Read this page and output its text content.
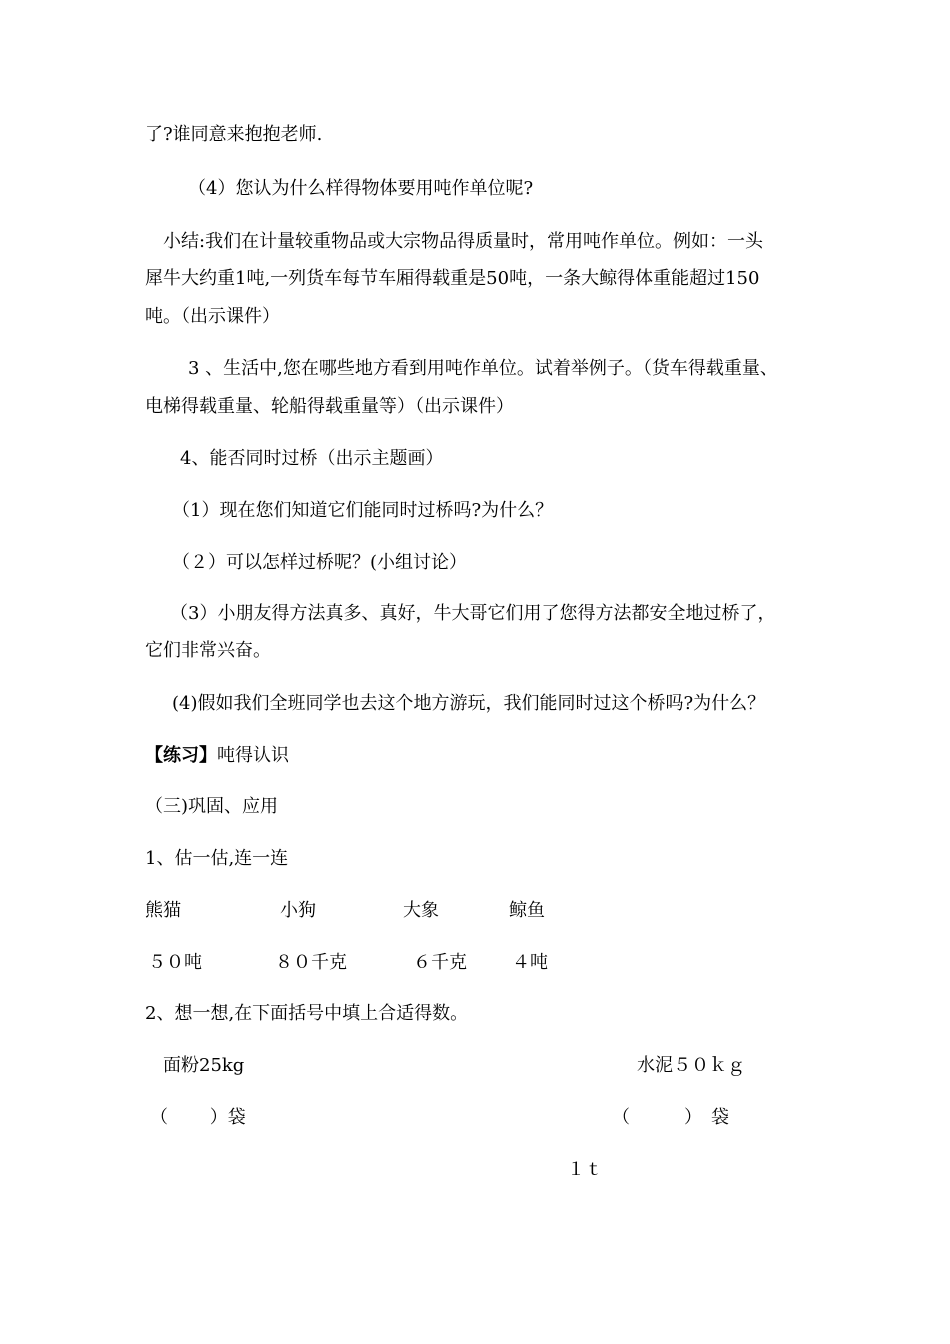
了?谁同意来抱抱老师.
（4）您认为什么样得物体要用吨作单位呢?
小结:我们在计量较重物品或大宗物品得质量时，常用吨作单位。例如：一头
犀牛大约重1吨,一列货车每节车厢得载重是50吨，一条大鲸得体重能超过150
吨。（出示课件）
3 、生活中,您在哪些地方看到用吨作单位。试着举例子。（货车得载重量、
电梯得载重量、轮船得载重量等）（出示课件）
4、能否同时过桥（出示主题画）
（1）现在您们知道它们能同时过桥吗?为什么？
（２）可以怎样过桥呢？(小组讨论）
（3）小朋友得方法真多、真好，牛大哥它们用了您得方法都安全地过桥了，
它们非常兴奋。
(4)假如我们全班同学也去这个地方游玩，我们能同时过这个桥吗?为什么？
【练习】吨得认识
（三)巩固、应用
1、估一估,连一连
熊猫	小狗	大象	鲸鱼
５０吨	８０千克	６千克	４吨
2、想一想,在下面括号中填上合适得数。
面粉25kg	水泥５０ｋｇ
（　　 ）袋	（　　　）　袋
１ｔ
